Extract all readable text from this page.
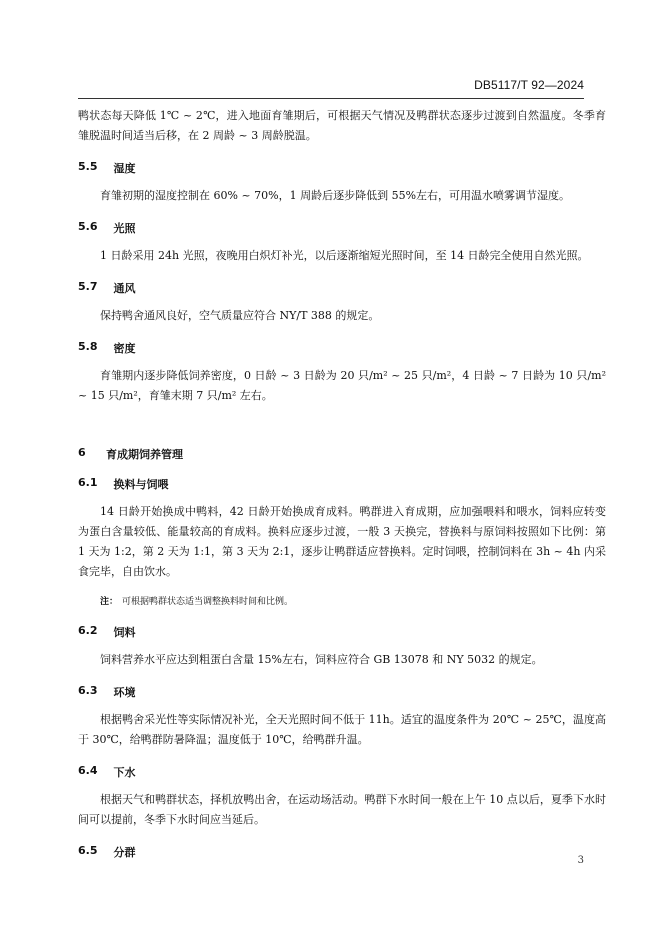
DB5117/T 92—2024

鸭状态每天降低 1℃ ~ 2℃，进入地面育雏期后，可根据天气情况及鸭群状态逐步过渡到自然温度。冬季育雏脱温时间适当后移，在 2 周龄 ~ 3 周龄脱温。

5.5 湿度

育雏初期的湿度控制在 60% ~ 70%，1 周龄后逐步降低到 55%左右，可用温水喷雾调节湿度。

5.6 光照

1 日龄采用 24h 光照，夜晚用白炽灯补光，以后逐渐缩短光照时间，至 14 日龄完全使用自然光照。

5.7 通风

保持鸭舍通风良好，空气质量应符合 NY/T 388 的规定。

5.8 密度

育雏期内逐步降低饲养密度，0 日龄 ~ 3 日龄为 20 只/m² ~ 25 只/m²，4 日龄 ~ 7 日龄为 10 只/m² ~ 15 只/m²，育雏末期 7 只/m² 左右。

6	育成期饲养管理
6.1 换料与饲喂

14 日龄开始换成中鸭料，42 日龄开始换成育成料。鸭群进入育成期，应加强喂料和喂水，饲料应转变为蛋白含量较低、能量较高的育成料。换料应逐步过渡，一般 3 天换完，替换料与原饲料按照如下比例：第 1 天为 1:2，第 2 天为 1:1，第 3 天为 2:1，逐步让鸭群适应替换料。定时饲喂，控制饲料在 3h ~ 4h 内采食完毕，自由饮水。

注： 可根据鸭群状态适当调整换料时间和比例。
6.2 饲料

饲料营养水平应达到粗蛋白含量 15%左右，饲料应符合 GB 13078 和 NY 5032 的规定。

6.3 环境

根据鸭舍采光性等实际情况补光，全天光照时间不低于 11h。适宜的温度条件为 20℃ ~ 25℃，温度高于 30℃，给鸭群防暑降温；温度低于 10℃，给鸭群升温。

6.4 下水

根据天气和鸭群状态，择机放鸭出舍，在运动场活动。鸭群下水时间一般在上午 10 点以后，夏季下水时间可以提前，冬季下水时间应当延后。

6.5 分群
3
